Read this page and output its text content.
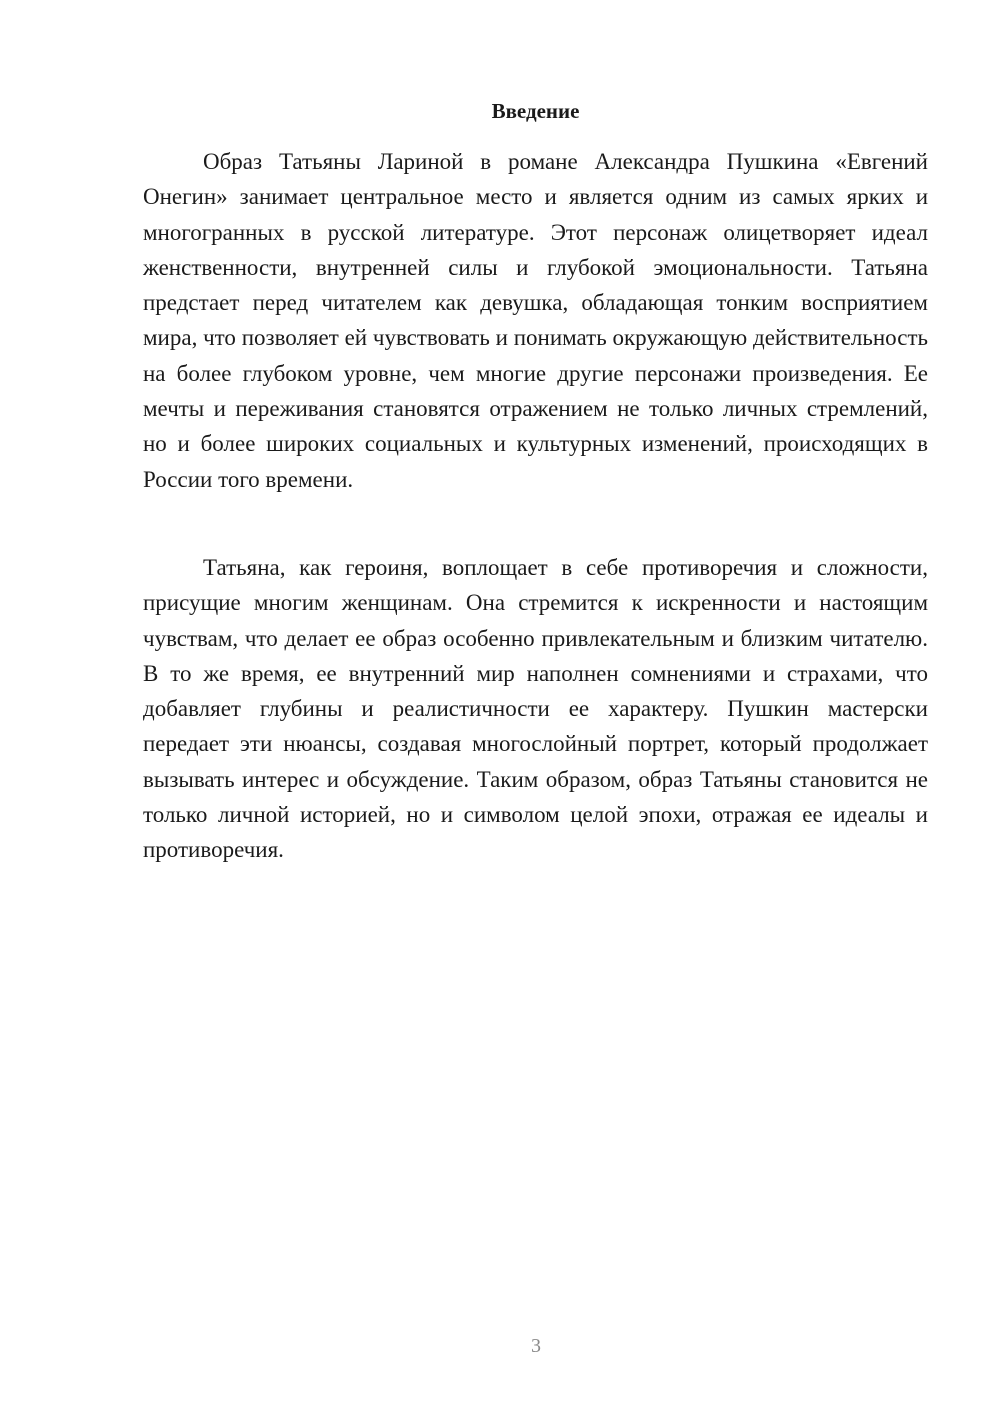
Введение

Образ Татьяны Лариной в романе Александра Пушкина «Евгений Онегин» занимает центральное место и является одним из самых ярких и многогранных в русской литературе. Этот персонаж олицетворяет идеал женственности, внутренней силы и глубокой эмоциональности. Татьяна предстает перед читателем как девушка, обладающая тонким восприятием мира, что позволяет ей чувствовать и понимать окружающую действительность на более глубоком уровне, чем многие другие персонажи произведения. Ее мечты и переживания становятся отражением не только личных стремлений, но и более широких социальных и культурных изменений, происходящих в России того времени.

Татьяна, как героиня, воплощает в себе противоречия и сложности, присущие многим женщинам. Она стремится к искренности и настоящим чувствам, что делает ее образ особенно привлекательным и близким читателю. В то же время, ее внутренний мир наполнен сомнениями и страхами, что добавляет глубины и реалистичности ее характеру. Пушкин мастерски передает эти нюансы, создавая многослойный портрет, который продолжает вызывать интерес и обсуждение. Таким образом, образ Татьяны становится не только личной историей, но и символом целой эпохи, отражая ее идеалы и противоречия.

3
